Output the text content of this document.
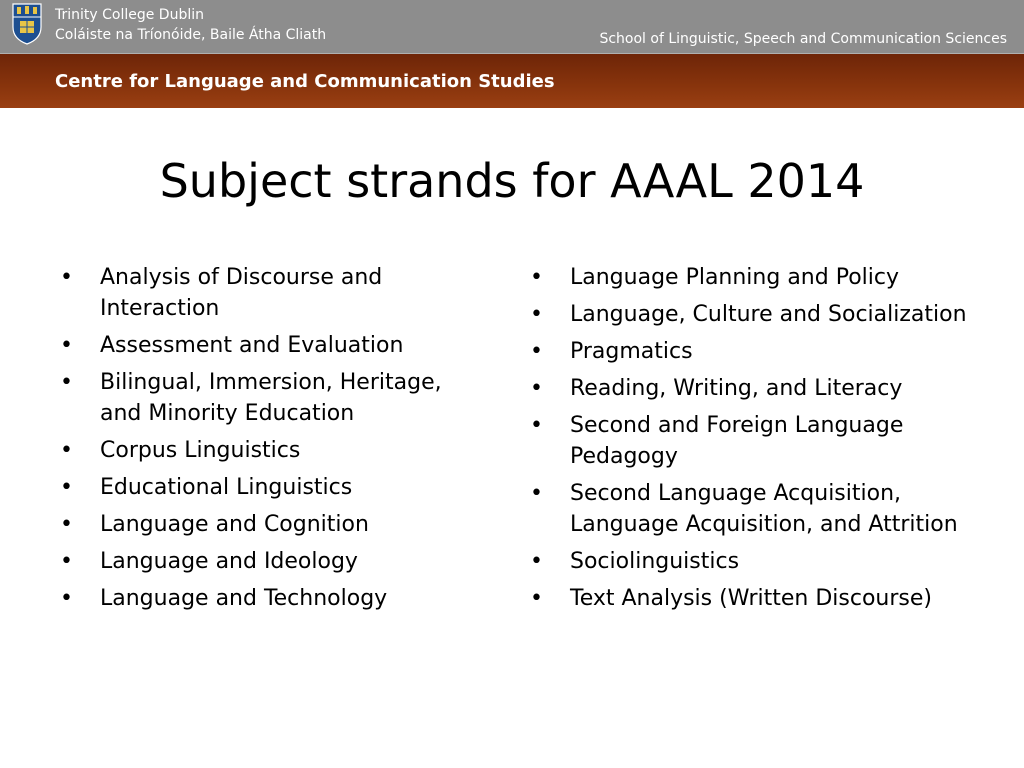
Trinity College Dublin
Coláiste na Tríonóide, Baile Átha Cliath	School of Linguistic, Speech and Communication Sciences
Centre for Language and Communication Studies
Subject strands for AAAL 2014
• Analysis of Discourse and Interaction
• Assessment and Evaluation
• Bilingual, Immersion, Heritage, and Minority Education
• Corpus Linguistics
• Educational Linguistics
• Language and Cognition
• Language and Ideology
• Language and Technology
• Language Planning and Policy
• Language, Culture and Socialization
• Pragmatics
• Reading, Writing, and Literacy
• Second and Foreign Language Pedagogy
• Second Language Acquisition, Language Acquisition, and Attrition
• Sociolinguistics
• Text Analysis (Written Discourse)
